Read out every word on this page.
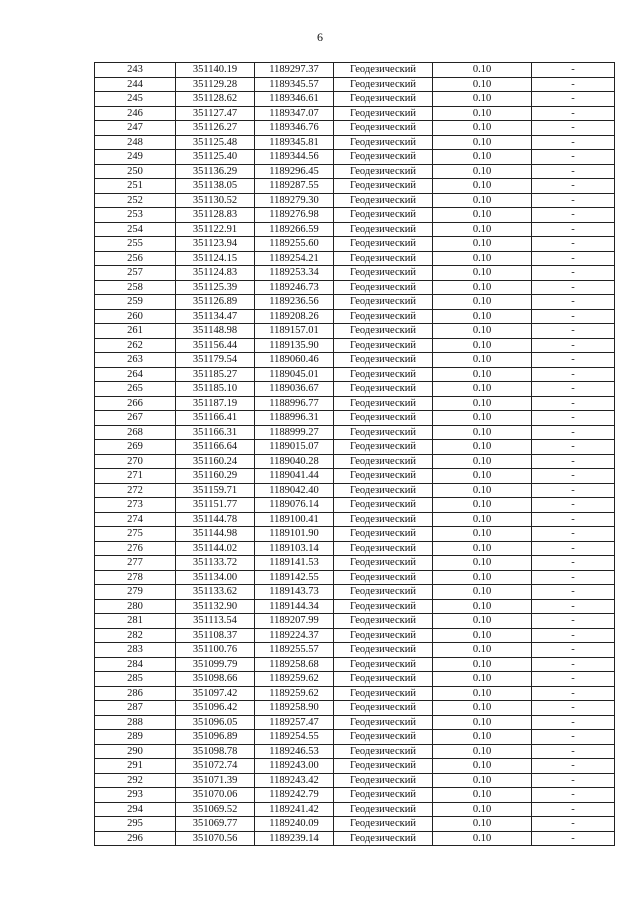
6
243	351140.19	1189297.37	Геодезический	0.10	-
244	351129.28	1189345.57	Геодезический	0.10	-
245	351128.62	1189346.61	Геодезический	0.10	-
246	351127.47	1189347.07	Геодезический	0.10	-
247	351126.27	1189346.76	Геодезический	0.10	-
248	351125.48	1189345.81	Геодезический	0.10	-
249	351125.40	1189344.56	Геодезический	0.10	-
250	351136.29	1189296.45	Геодезический	0.10	-
251	351138.05	1189287.55	Геодезический	0.10	-
252	351130.52	1189279.30	Геодезический	0.10	-
253	351128.83	1189276.98	Геодезический	0.10	-
254	351122.91	1189266.59	Геодезический	0.10	-
255	351123.94	1189255.60	Геодезический	0.10	-
256	351124.15	1189254.21	Геодезический	0.10	-
257	351124.83	1189253.34	Геодезический	0.10	-
258	351125.39	1189246.73	Геодезический	0.10	-
259	351126.89	1189236.56	Геодезический	0.10	-
260	351134.47	1189208.26	Геодезический	0.10	-
261	351148.98	1189157.01	Геодезический	0.10	-
262	351156.44	1189135.90	Геодезический	0.10	-
263	351179.54	1189060.46	Геодезический	0.10	-
264	351185.27	1189045.01	Геодезический	0.10	-
265	351185.10	1189036.67	Геодезический	0.10	-
266	351187.19	1188996.77	Геодезический	0.10	-
267	351166.41	1188996.31	Геодезический	0.10	-
268	351166.31	1188999.27	Геодезический	0.10	-
269	351166.64	1189015.07	Геодезический	0.10	-
270	351160.24	1189040.28	Геодезический	0.10	-
271	351160.29	1189041.44	Геодезический	0.10	-
272	351159.71	1189042.40	Геодезический	0.10	-
273	351151.77	1189076.14	Геодезический	0.10	-
274	351144.78	1189100.41	Геодезический	0.10	-
275	351144.98	1189101.90	Геодезический	0.10	-
276	351144.02	1189103.14	Геодезический	0.10	-
277	351133.72	1189141.53	Геодезический	0.10	-
278	351134.00	1189142.55	Геодезический	0.10	-
279	351133.62	1189143.73	Геодезический	0.10	-
280	351132.90	1189144.34	Геодезический	0.10	-
281	351113.54	1189207.99	Геодезический	0.10	-
282	351108.37	1189224.37	Геодезический	0.10	-
283	351100.76	1189255.57	Геодезический	0.10	-
284	351099.79	1189258.68	Геодезический	0.10	-
285	351098.66	1189259.62	Геодезический	0.10	-
286	351097.42	1189259.62	Геодезический	0.10	-
287	351096.42	1189258.90	Геодезический	0.10	-
288	351096.05	1189257.47	Геодезический	0.10	-
289	351096.89	1189254.55	Геодезический	0.10	-
290	351098.78	1189246.53	Геодезический	0.10	-
291	351072.74	1189243.00	Геодезический	0.10	-
292	351071.39	1189243.42	Геодезический	0.10	-
293	351070.06	1189242.79	Геодезический	0.10	-
294	351069.52	1189241.42	Геодезический	0.10	-
295	351069.77	1189240.09	Геодезический	0.10	-
296	351070.56	1189239.14	Геодезический	0.10	-
